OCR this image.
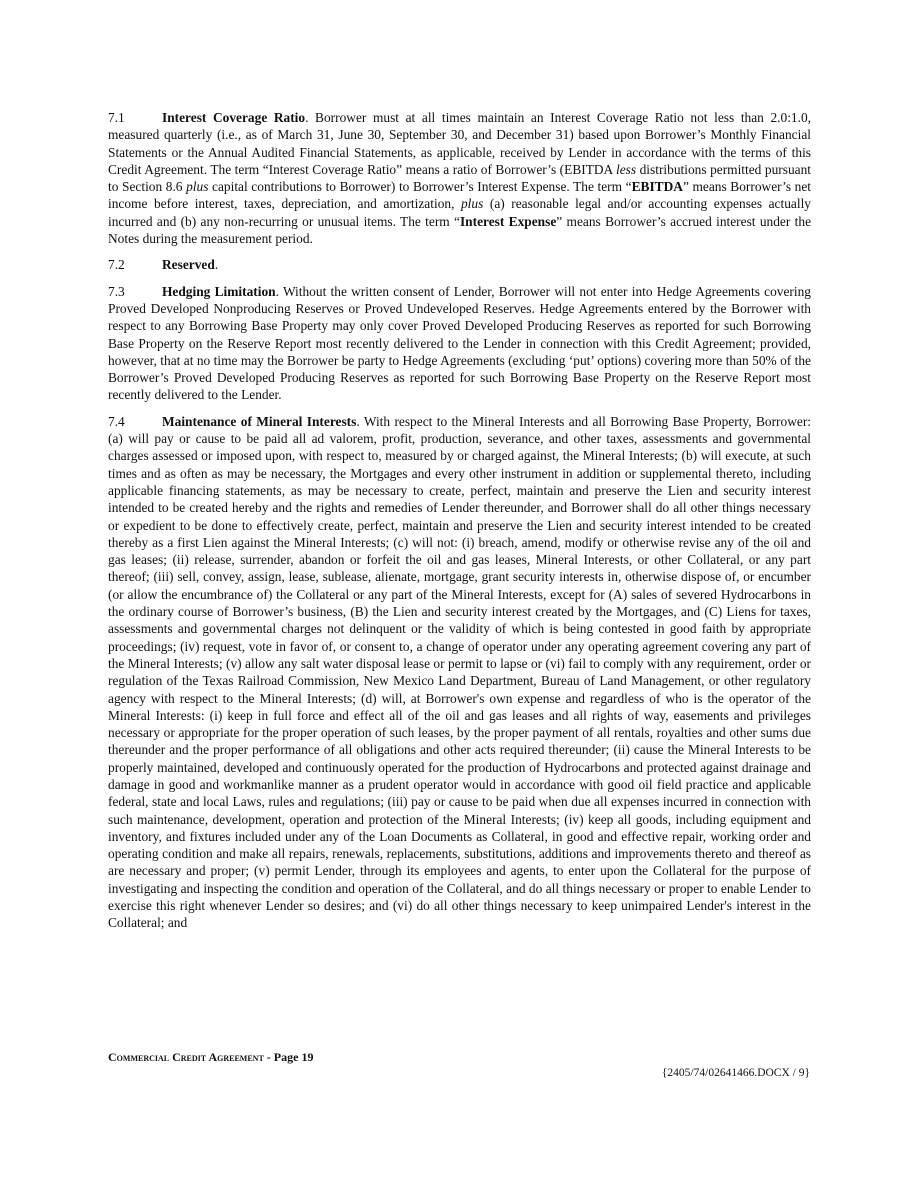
7.1	Interest Coverage Ratio. Borrower must at all times maintain an Interest Coverage Ratio not less than 2.0:1.0, measured quarterly (i.e., as of March 31, June 30, September 30, and December 31) based upon Borrower’s Monthly Financial Statements or the Annual Audited Financial Statements, as applicable, received by Lender in accordance with the terms of this Credit Agreement. The term “Interest Coverage Ratio” means a ratio of Borrower’s (EBITDA less distributions permitted pursuant to Section 8.6 plus capital contributions to Borrower) to Borrower’s Interest Expense. The term “EBITDA” means Borrower’s net income before interest, taxes, depreciation, and amortization, plus (a) reasonable legal and/or accounting expenses actually incurred and (b) any non-recurring or unusual items. The term “Interest Expense” means Borrower’s accrued interest under the Notes during the measurement period.

7.2	Reserved.

7.3	Hedging Limitation. Without the written consent of Lender, Borrower will not enter into Hedge Agreements covering Proved Developed Nonproducing Reserves or Proved Undeveloped Reserves. Hedge Agreements entered by the Borrower with respect to any Borrowing Base Property may only cover Proved Developed Producing Reserves as reported for such Borrowing Base Property on the Reserve Report most recently delivered to the Lender in connection with this Credit Agreement; provided, however, that at no time may the Borrower be party to Hedge Agreements (excluding ‘put’ options) covering more than 50% of the Borrower’s Proved Developed Producing Reserves as reported for such Borrowing Base Property on the Reserve Report most recently delivered to the Lender.

7.4	Maintenance of Mineral Interests. With respect to the Mineral Interests and all Borrowing Base Property, Borrower: (a) will pay or cause to be paid all ad valorem, profit, production, severance, and other taxes, assessments and governmental charges assessed or imposed upon, with respect to, measured by or charged against, the Mineral Interests; (b) will execute, at such times and as often as may be necessary, the Mortgages and every other instrument in addition or supplemental thereto, including applicable financing statements, as may be necessary to create, perfect, maintain and preserve the Lien and security interest intended to be created hereby and the rights and remedies of Lender thereunder, and Borrower shall do all other things necessary or expedient to be done to effectively create, perfect, maintain and preserve the Lien and security interest intended to be created thereby as a first Lien against the Mineral Interests; (c) will not: (i) breach, amend, modify or otherwise revise any of the oil and gas leases; (ii) release, surrender, abandon or forfeit the oil and gas leases, Mineral Interests, or other Collateral, or any part thereof; (iii) sell, convey, assign, lease, sublease, alienate, mortgage, grant security interests in, otherwise dispose of, or encumber (or allow the encumbrance of) the Collateral or any part of the Mineral Interests, except for (A) sales of severed Hydrocarbons in the ordinary course of Borrower’s business, (B) the Lien and security interest created by the Mortgages, and (C) Liens for taxes, assessments and governmental charges not delinquent or the validity of which is being contested in good faith by appropriate proceedings; (iv) request, vote in favor of, or consent to, a change of operator under any operating agreement covering any part of the Mineral Interests; (v) allow any salt water disposal lease or permit to lapse or (vi) fail to comply with any requirement, order or regulation of the Texas Railroad Commission, New Mexico Land Department, Bureau of Land Management, or other regulatory agency with respect to the Mineral Interests; (d) will, at Borrower's own expense and regardless of who is the operator of the Mineral Interests: (i) keep in full force and effect all of the oil and gas leases and all rights of way, easements and privileges necessary or appropriate for the proper operation of such leases, by the proper payment of all rentals, royalties and other sums due thereunder and the proper performance of all obligations and other acts required thereunder; (ii) cause the Mineral Interests to be properly maintained, developed and continuously operated for the production of Hydrocarbons and protected against drainage and damage in good and workmanlike manner as a prudent operator would in accordance with good oil field practice and applicable federal, state and local Laws, rules and regulations; (iii) pay or cause to be paid when due all expenses incurred in connection with such maintenance, development, operation and protection of the Mineral Interests; (iv) keep all goods, including equipment and inventory, and fixtures included under any of the Loan Documents as Collateral, in good and effective repair, working order and operating condition and make all repairs, renewals, replacements, substitutions, additions and improvements thereto and thereof as are necessary and proper; (v) permit Lender, through its employees and agents, to enter upon the Collateral for the purpose of investigating and inspecting the condition and operation of the Collateral, and do all things necessary or proper to enable Lender to exercise this right whenever Lender so desires; and (vi) do all other things necessary to keep unimpaired Lender's interest in the Collateral; and

Commercial Credit Agreement - Page 19
{2405/74/02641466.DOCX / 9}
